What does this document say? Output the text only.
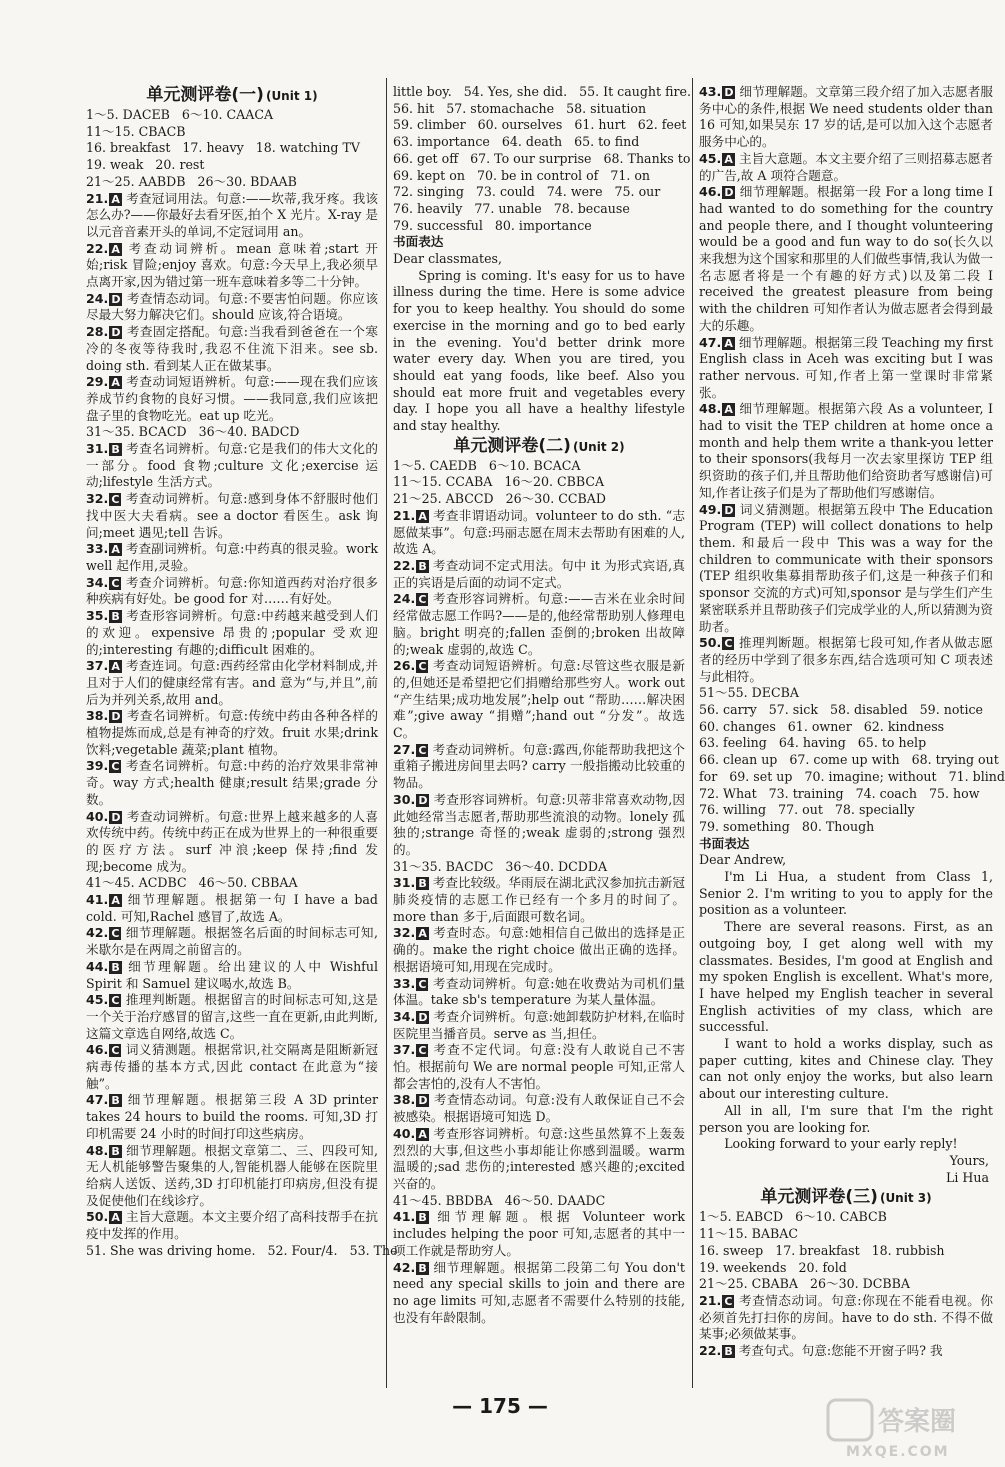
单元测评卷(一) (Unit 1)

1～5. DACEB 6～10. CAACA

11～15. CBACB

16. breakfast 17. heavy 18. watching TV

19. weak 20. rest

21～25. AABDB 26～30. BDAAB

21. A 考查冠词用法。句意:——坎蒂,我牙疼。我该怎么办?——你最好去看牙医,拍个 X 光片。X-ray 是以元音音素开头的单词,不定冠词用 an。

22. A 考查动词辨析。mean 意味着;start 开始;risk 冒险;enjoy 喜欢。句意:今天早上,我必须早点离开家,因为错过第一班车意味着多等二十分钟。

24. D 考查情态动词。句意:不要害怕问题。你应该尽最大努力解决它们。should 应该,符合语境。

28. D 考查固定搭配。句意:当我看到爸爸在一个寒冷的冬夜等待我时,我忍不住流下泪来。see sb. doing sth. 看到某人正在做某事。

29. A 考查动词短语辨析。句意:——现在我们应该养成节约食物的良好习惯。——我同意,我们应该把盘子里的食物吃光。eat up 吃光。

31～35. BCACD 36～40. BADCD

31. B 考查名词辨析。句意:它是我们的伟大文化的一部分。food 食物;culture 文化;exercise 运动;lifestyle 生活方式。

32. C 考查动词辨析。句意:感到身体不舒服时他们找中医大夫看病。see a doctor 看医生。ask 询问;meet 遇见;tell 告诉。

33. A 考查副词辨析。句意:中药真的很灵验。work well 起作用,灵验。

34. C 考查介词辨析。句意:你知道西药对治疗很多种疾病有好处。be good for 对……有好处。

35. B 考查形容词辨析。句意:中药越来越受到人们的欢迎。expensive 昂贵的;popular 受欢迎的;interesting 有趣的;difficult 困难的。

37. A 考查连词。句意:西药经常由化学材料制成,并且对于人们的健康经常有害。and 意为“与,并且”,前后为并列关系,故用 and。

38. D 考查名词辨析。句意:传统中药由各种各样的植物提炼而成,总是有神奇的疗效。fruit 水果;drink 饮料;vegetable 蔬菜;plant 植物。

39. C 考查名词辨析。句意:中药的治疗效果非常神奇。way 方式;health 健康;result 结果;grade 分数。

40. D 考查动词辨析。句意:世界上越来越多的人喜欢传统中药。传统中药正在成为世界上的一种很重要的医疗方法。surf 冲浪;keep 保持;find 发现;become 成为。

41～45. ACDBC 46～50. CBBAA

41. A 细节理解题。根据第一句 I have a bad cold. 可知,Rachel 感冒了,故选 A。

42. C 细节理解题。根据签名后面的时间标志可知,米歇尔是在两周之前留言的。

44. B 细节理解题。给出建议的人中 Wishful Spirit 和 Samuel 建议喝水,故选 B。

45. C 推理判断题。根据留言的时间标志可知,这是一个关于治疗感冒的留言,这些一直在更新,由此判断,这篇文章选自网络,故选 C。

46. C 词义猜测题。根据常识,社交隔离是阻断新冠病毒传播的基本方式,因此 contact 在此意为“接触”。

47. B 细节理解题。根据第三段 A 3D printer takes 24 hours to build the rooms. 可知,3D 打印机需要 24 小时的时间打印这些病房。

48. B 细节理解题。根据文章第二、三、四段可知,无人机能够警告聚集的人,智能机器人能够在医院里给病人送饭、送药,3D 打印机能打印病房,但没有提及促使他们在线诊疗。

50. A 主旨大意题。本文主要介绍了高科技帮手在抗疫中发挥的作用。

51. She was driving home. 52. Four/4. 53. The

little boy. 54. Yes, she did. 55. It caught fire.

56. hit 57. stomachache 58. situation

59. climber 60. ourselves 61. hurt 62. feet

63. importance 64. death 65. to find

66. get off 67. To our surprise 68. Thanks to

69. kept on 70. be in control of 71. on

72. singing 73. could 74. were 75. our

76. heavily 77. unable 78. because

79. successful 80. importance

书面表达

Dear classmates,

Spring is coming. It's easy for us to have illness during the time. Here is some advice for you to keep healthy. You should do some exercise in the morning and go to bed early in the evening. You'd better drink more water every day. When you are tired, you should eat yang foods, like beef. Also you should eat more fruit and vegetables every day. I hope you all have a healthy lifestyle and stay healthy.

单元测评卷(二) (Unit 2)

1～5. CAEDB 6～10. BCACA

11～15. CCABA 16～20. CBBCA

21～25. ABCCD 26～30. CCBAD

21. A 考查非谓语动词。volunteer to do sth. “志愿做某事”。句意:玛丽志愿在周末去帮助有困难的人,故选 A。

22. B 考查动词不定式用法。句中 it 为形式宾语,真正的宾语是后面的动词不定式。

24. C 考查形容词辨析。句意:——吉米在业余时间经常做志愿工作吗?——是的,他经常帮助别人修理电脑。bright 明亮的;fallen 歪倒的;broken 出故障的;weak 虚弱的,故选 C。

26. C 考查动词短语辨析。句意:尽管这些衣服是新的,但她还是希望把它们捐赠给那些穷人。work out “产生结果;成功地发展”;help out “帮助……解决困难”;give away “捐赠”;hand out “分发”。故选 C。

27. C 考查动词辨析。句意:露西,你能帮助我把这个重箱子搬进房间里去吗? carry 一般指搬动比较重的物品。

30. D 考查形容词辨析。句意:贝蒂非常喜欢动物,因此她经常当志愿者,帮助那些流浪的动物。lonely 孤独的;strange 奇怪的;weak 虚弱的;strong 强烈的。

31～35. BACDC 36～40. DCDDA

31. B 考查比较级。华雨辰在湖北武汉参加抗击新冠肺炎疫情的志愿工作已经有一个多月的时间了。more than 多于,后面跟可数名词。

32. A 考查时态。句意:她相信自己做出的选择是正确的。make the right choice 做出正确的选择。根据语境可知,用现在完成时。

33. C 考查动词辨析。句意:她在收费站为司机们量体温。take sb's temperature 为某人量体温。

34. D 考查介词辨析。句意:她卸载防护材料,在临时医院里当播音员。serve as 当,担任。

37. C 考查不定代词。句意:没有人敢说自己不害怕。根据前句 We are normal people 可知,正常人都会害怕的,没有人不害怕。

38. D 考查情态动词。句意:没有人敢保证自己不会被感染。根据语境可知选 D。

40. A 考查形容词辨析。句意:这些虽然算不上轰轰烈烈的大事,但这些小事却能让你感到温暖。warm 温暖的;sad 悲伤的;interested 感兴趣的;excited 兴奋的。

41～45. BBDBA 46～50. DAADC

41. B 细节理解题。根据 Volunteer work includes helping the poor 可知,志愿者的其中一项工作就是帮助穷人。

42. B 细节理解题。根据第二段第二句 You don't need any special skills to join and there are no age limits 可知,志愿者不需要什么特别的技能,也没有年龄限制。

43. D 细节理解题。文章第三段介绍了加入志愿者服务中心的条件,根据 We need students older than 16 可知,如果吴东 17 岁的话,是可以加入这个志愿者服务中心的。

45. A 主旨大意题。本文主要介绍了三则招募志愿者的广告,故 A 项符合题意。

46. D 细节理解题。根据第一段 For a long time I had wanted to do something for the country and people there, and I thought volunteering would be a good and fun way to do so(长久以来我想为这个国家和那里的人们做些事情,我认为做一名志愿者将是一个有趣的好方式)以及第二段 I received the greatest pleasure from being with the children 可知作者认为做志愿者会得到最大的乐趣。

47. A 细节理解题。根据第三段 Teaching my first English class in Aceh was exciting but I was rather nervous. 可知,作者上第一堂课时非常紧张。

48. A 细节理解题。根据第六段 As a volunteer, I had to visit the TEP children at home once a month and help them write a thank-you letter to their sponsors(我每月一次去家里探访 TEP 组织资助的孩子们,并且帮助他们给资助者写感谢信)可知,作者让孩子们是为了帮助他们写感谢信。

49. D 词义猜测题。根据第五段中 The Education Program (TEP) will collect donations to help them. 和最后一段中 This was a way for the children to communicate with their sponsors (TEP 组织收集募捐帮助孩子们,这是一种孩子们和 sponsor 交流的方式)可知,sponsor 是与学生们产生紧密联系并且帮助孩子们完成学业的人,所以猜测为资助者。

50. C 推理判断题。根据第七段可知,作者从做志愿者的经历中学到了很多东西,结合选项可知 C 项表述与此相符。

51～55. DECBA

56. carry 57. sick 58. disabled 59. notice

60. changes 61. owner 62. kindness

63. feeling 64. having 65. to help

66. clean up 67. come up with 68. trying out

for 69. set up 70. imagine; without 71. blind

72. What 73. training 74. coach 75. how

76. willing 77. out 78. specially

79. something 80. Though

书面表达

Dear Andrew,

I'm Li Hua, a student from Class 1, Senior 2. I'm writing to you to apply for the position as a volunteer.

There are several reasons. First, as an outgoing boy, I get along well with my classmates. Besides, I'm good at English and my spoken English is excellent. What's more, I have helped my English teacher in several English activities of my class, which are successful.

I want to hold a works display, such as paper cutting, kites and Chinese clay. They can not only enjoy the works, but also learn about our interesting culture.

All in all, I'm sure that I'm the right person you are looking for.

Looking forward to your early reply!

Yours,

Li Hua

单元测评卷(三) (Unit 3)

1～5. EABCD 6～10. CABCB

11～15. BABAC

16. sweep 17. breakfast 18. rubbish

19. weekends 20. fold

21～25. CBABA 26～30. DCBBA

21. C 考查情态动词。句意:你现在不能看电视。你必须首先打扫你的房间。have to do sth. 不得不做某事;必须做某事。

22. B 考查句式。句意:您能不开窗子吗? 我

— 175 —
答案圈
MXQE.COM
